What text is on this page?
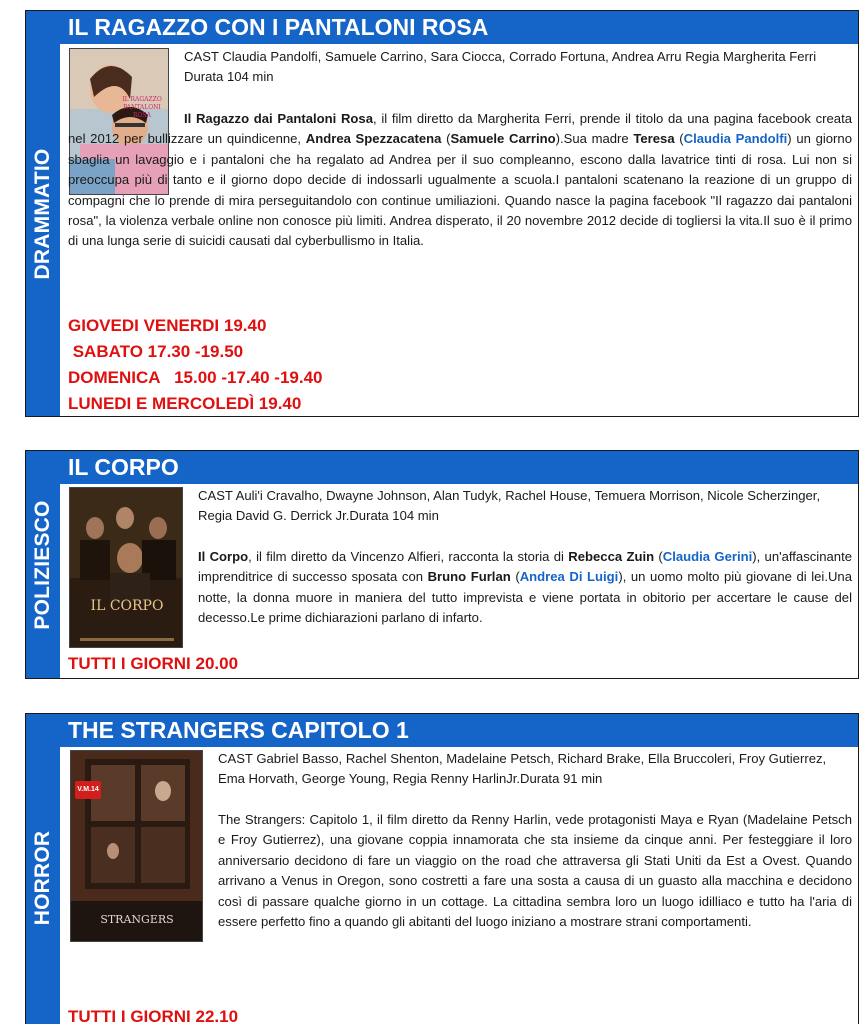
DRAMMATIO
IL RAGAZZO CON I PANTALONI ROSA
IL RAGAZZO
PANTALONI
ROSA
CAST Claudia Pandolfi, Samuele Carrino, Sara Ciocca, Corrado Fortuna, Andrea Arru Regia Margherita Ferri Durata 104 min
Il Ragazzo dai Pantaloni Rosa, il film diretto da Margherita Ferri, prende il titolo da una pagina facebook creata nel 2012 per bullizzare un quindicenne, Andrea Spezzacatena (Samuele Carrino).Sua madre Teresa (Claudia Pandolfi) un giorno sbaglia un lavaggio e i pantaloni che ha regalato ad Andrea per il suo compleanno, escono dalla lavatrice tinti di rosa. Lui non si preoccupa più di tanto e il giorno dopo decide di indossarli ugualmente a scuola.I pantaloni scatenano la reazione di un gruppo di compagni che lo prende di mira perseguitandolo con continue umiliazioni. Quando nasce la pagina facebook "Il ragazzo dai pantaloni rosa", la violenza verbale online non conosce più limiti. Andrea disperato, il 20 novembre 2012 decide di togliersi la vita.Il suo è il primo di una lunga serie di suicidi causati dal cyberbullismo in Italia.
GIOVEDI VENERDI 19.40
SABATO 17.30 -19.50
DOMENICA   15.00 -17.40 -19.40
LUNEDI E MERCOLEDÌ 19.40
POLIZIESCO
IL CORPO
IL CORPO
CAST Auli'i Cravalho, Dwayne Johnson, Alan Tudyk, Rachel House, Temuera Morrison, Nicole Scherzinger, Regia David G. Derrick Jr.Durata 104 min
Il Corpo, il film diretto da Vincenzo Alfieri, racconta la storia di Rebecca Zuin (Claudia Gerini), un'affascinante imprenditrice di successo sposata con Bruno Furlan (Andrea Di Luigi), un uomo molto più giovane di lei.Una notte, la donna muore in maniera del tutto imprevista e viene portata in obitorio per accertare le cause del decesso.Le prime dichiarazioni parlano di infarto.
TUTTI I GIORNI 20.00
HORROR
THE STRANGERS CAPITOLO 1
STRANGERS
V.M.14
CAST Gabriel Basso, Rachel Shenton, Madelaine Petsch, Richard Brake, Ella Bruccoleri, Froy Gutierrez, Ema Horvath, George Young, Regia Renny HarlinJr.Durata 91 min
The Strangers: Capitolo 1, il film diretto da Renny Harlin, vede protagonisti Maya e Ryan (Madelaine Petsch e Froy Gutierrez), una giovane coppia innamorata che sta insieme da cinque anni. Per festeggiare il loro anniversario decidono di fare un viaggio on the road che attraversa gli Stati Uniti da Est a Ovest. Quando arrivano a Venus in Oregon, sono costretti a fare una sosta a causa di un guasto alla macchina e decidono così di passare qualche giorno in un cottage. La cittadina sembra loro un luogo idilliaco e tutto ha l'aria di essere perfetto fino a quando gli abitanti del luogo iniziano a mostrare strani comportamenti.
TUTTI I GIORNI 22.10
